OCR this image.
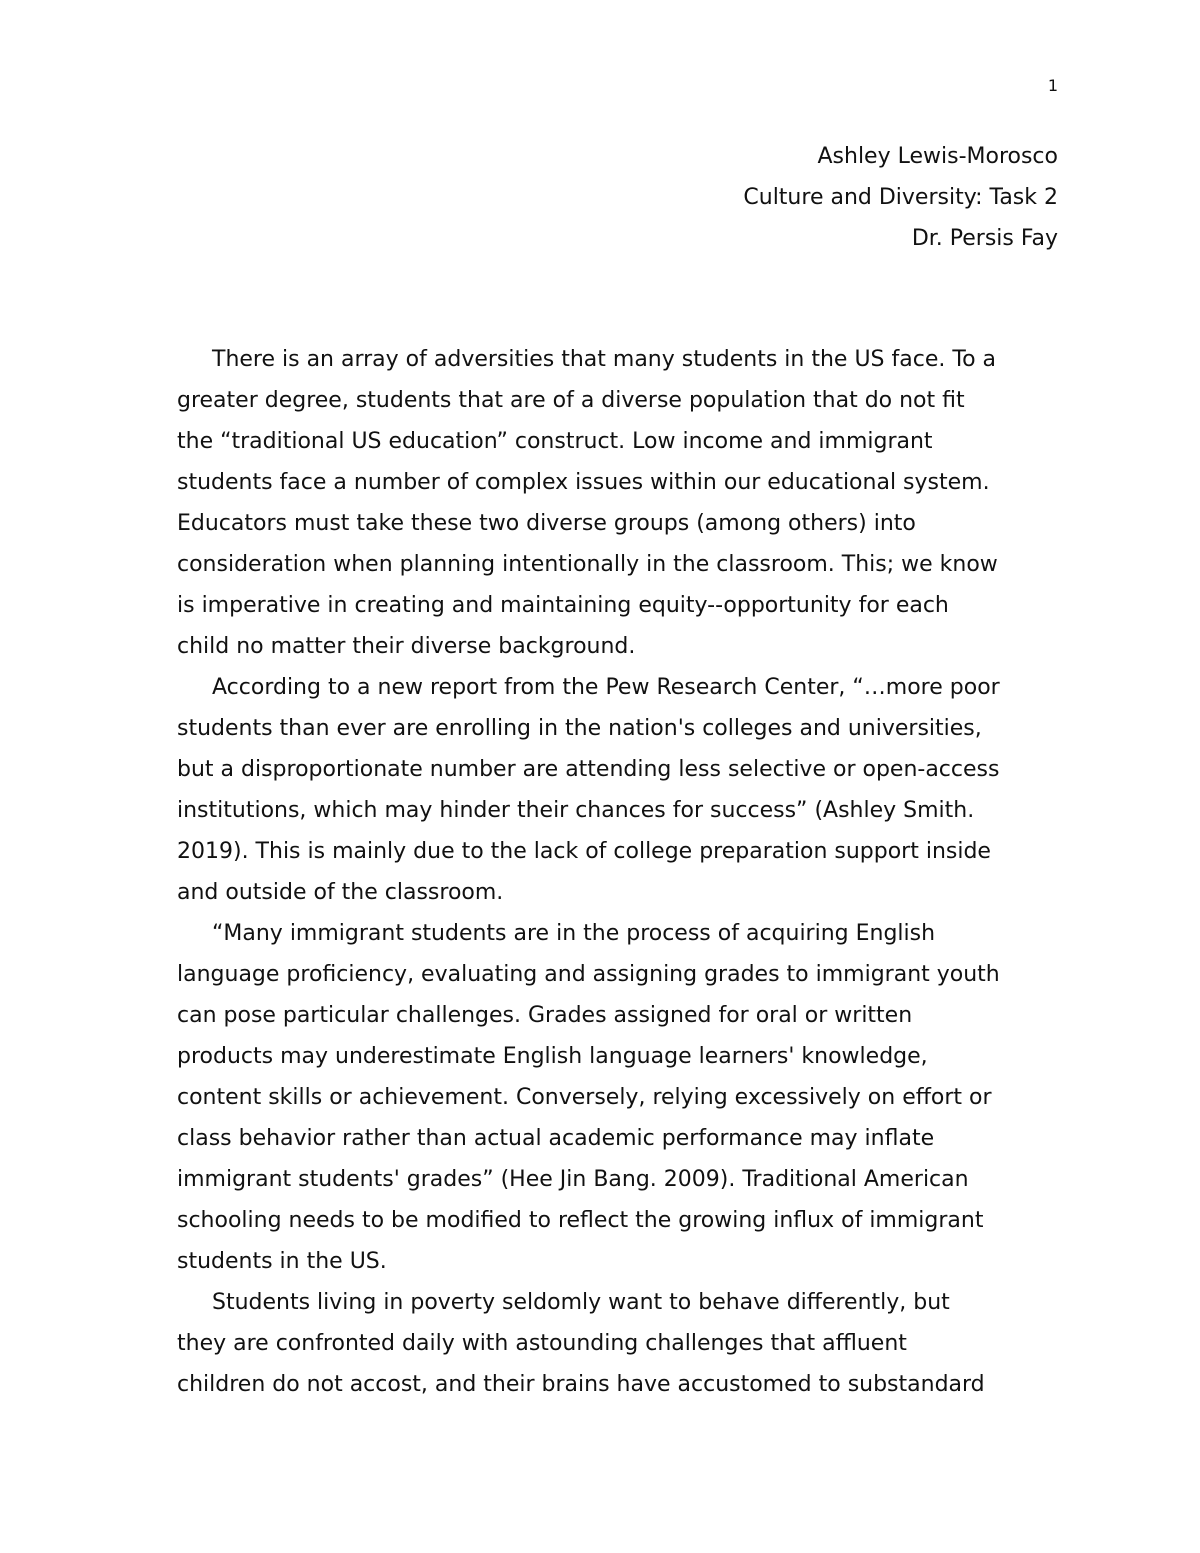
1
Ashley Lewis-Morosco
Culture and Diversity: Task 2
Dr. Persis Fay
There is an array of adversities that many students in the US face. To a
greater degree, students that are of a diverse population that do not fit
the “traditional US education” construct. Low income and immigrant
students face a number of complex issues within our educational system.
Educators must take these two diverse groups (among others) into
consideration when planning intentionally in the classroom. This; we know
is imperative in creating and maintaining equity--opportunity for each
child no matter their diverse background.
According to a new report from the Pew Research Center, “…more poor
students than ever are enrolling in the nation's colleges and universities,
but a disproportionate number are attending less selective or open-access
institutions, which may hinder their chances for success” (Ashley Smith.
2019). This is mainly due to the lack of college preparation support inside
and outside of the classroom.
“Many immigrant students are in the process of acquiring English
language proficiency, evaluating and assigning grades to immigrant youth
can pose particular challenges. Grades assigned for oral or written
products may underestimate English language learners' knowledge,
content skills or achievement. Conversely, relying excessively on effort or
class behavior rather than actual academic performance may inflate
immigrant students' grades” (Hee Jin Bang. 2009). Traditional American
schooling needs to be modified to reflect the growing influx of immigrant
students in the US.
Students living in poverty seldomly want to behave differently, but
they are confronted daily with astounding challenges that affluent
children do not accost, and their brains have accustomed to substandard
